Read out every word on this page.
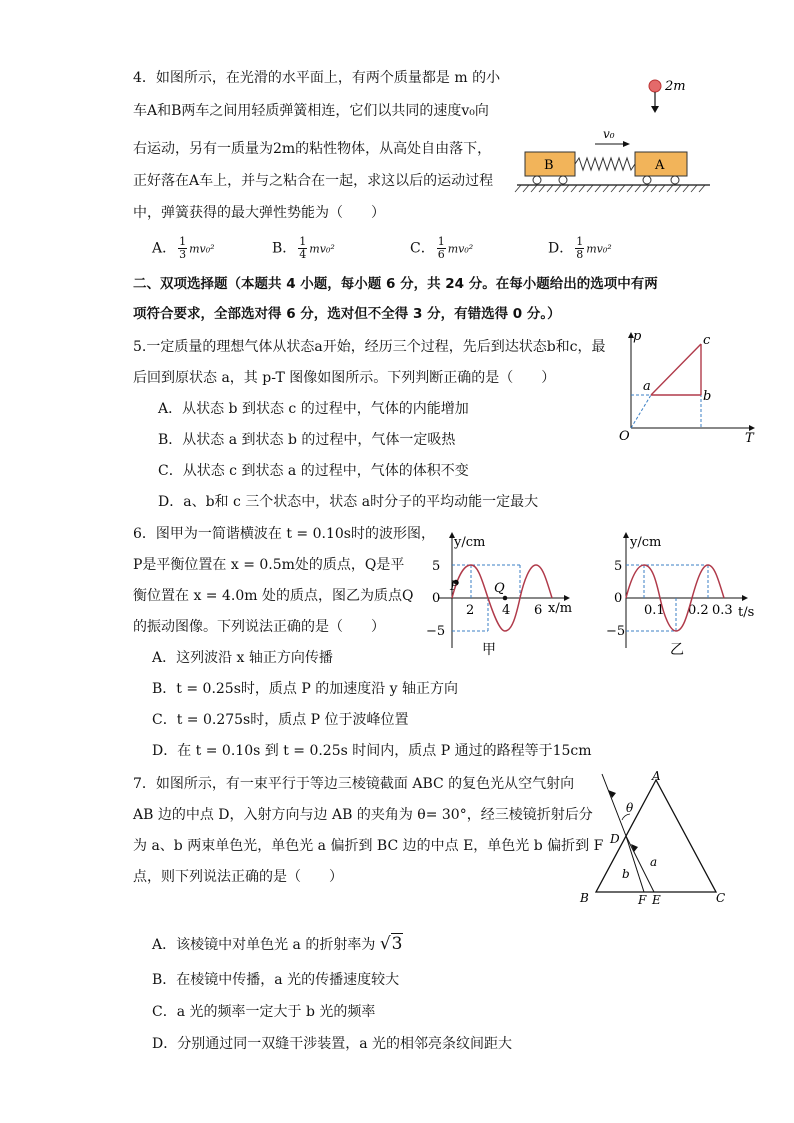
4．如图所示，在光滑的水平面上，有两个质量都是 m 的小
车A和B两车之间用轻质弹簧相连，它们以共同的速度v₀向
右运动，另有一质量为2m的粘性物体，从高处自由落下，
正好落在A车上，并与之粘合在一起，求这以后的运动过程
中，弹簧获得的最大弹性势能为（　　）
A． $\frac{1}{3} mv_0^2$	B． $\frac{1}{4} mv_0^2$	C． $\frac{1}{6} mv_0^2$	D． $\frac{1}{8} mv_0^2$
2m
v₀
B	A
二、双项选择题（本题共 4 小题，每小题 6 分，共 24 分。在每小题给出的选项中有两
项符合要求，全部选对得 6 分，选对但不全得 3 分，有错选得 0 分。）
5.一定质量的理想气体从状态a开始，经历三个过程，先后到达状态b和c，最
后回到原状态 a，其 p-T 图像如图所示。下列判断正确的是（　　）
A．从状态 b 到状态 c 的过程中，气体的内能增加
B．从状态 a 到状态 b 的过程中，气体一定吸热
C．从状态 c 到状态 a 的过程中，气体的体积不变
D．a、b和 c 三个状态中，状态 a时分子的平均动能一定最大
p
T
O
a
b
c
6．图甲为一简谐横波在 t = 0.10s时的波形图，
P是平衡位置在 x = 0.5m处的质点，Q是平
衡位置在 x = 4.0m 处的质点，图乙为质点Q
的振动图像。下列说法正确的是（　　）
A．这列波沿 x 轴正方向传播
B．t = 0.25s时，质点 P 的加速度沿 y 轴正方向
C．t = 0.275s时，质点 P 位于波峰位置
D．在 t = 0.10s 到 t = 0.25s 时间内，质点 P 通过的路程等于15cm
y/cm
x/m
5
0
−5
2 4 6
P	Q
甲
y/cm
t/s
5
0
−5
0.1 0.2 0.3
乙
7．如图所示，有一束平行于等边三棱镜截面 ABC 的复色光从空气射向
AB 边的中点 D，入射方向与边 AB 的夹角为 θ= 30°，经三棱镜折射后分
为 a、b 两束单色光，单色光 a 偏折到 BC 边的中点 E，单色光 b 偏折到 F
点，则下列说法正确的是（　　）
A．该棱镜中对单色光 a 的折射率为 √3
B．在棱镜中传播，a 光的传播速度较大
C．a 光的频率一定大于 b 光的频率
D．分别通过同一双缝干涉装置，a 光的相邻亮条纹间距大
θ
a
b
A
B	C
D
F E
